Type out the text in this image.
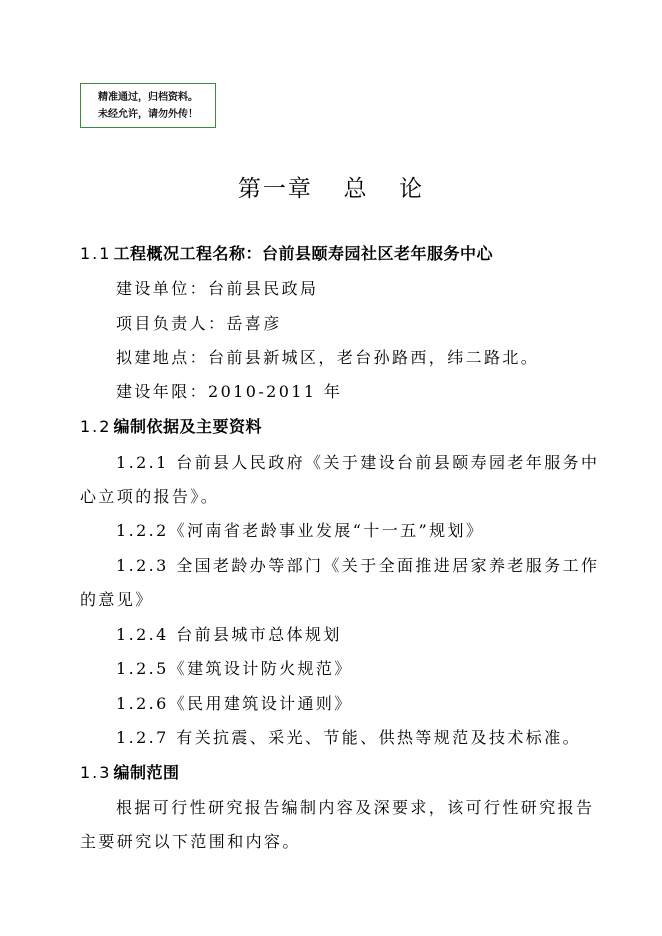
精准通过，归档资料。
未经允许，请勿外传！
第一章  总  论
1.1 工程概况工程名称：台前县颐寿园社区老年服务中心
建设单位：台前县民政局
项目负责人：岳喜彦
拟建地点：台前县新城区，老台孙路西，纬二路北。
建设年限：2010-2011 年
1.2 编制依据及主要资料
1.2.1 台前县人民政府《关于建设台前县颐寿园老年服务中
心立项的报告》。
1.2.2《河南省老龄事业发展“十一五”规划》
1.2.3 全国老龄办等部门《关于全面推进居家养老服务工作
的意见》
1.2.4 台前县城市总体规划
1.2.5《建筑设计防火规范》
1.2.6《民用建筑设计通则》
1.2.7 有关抗震、采光、节能、供热等规范及技术标准。
1.3 编制范围
根据可行性研究报告编制内容及深要求，该可行性研究报告
主要研究以下范围和内容。
